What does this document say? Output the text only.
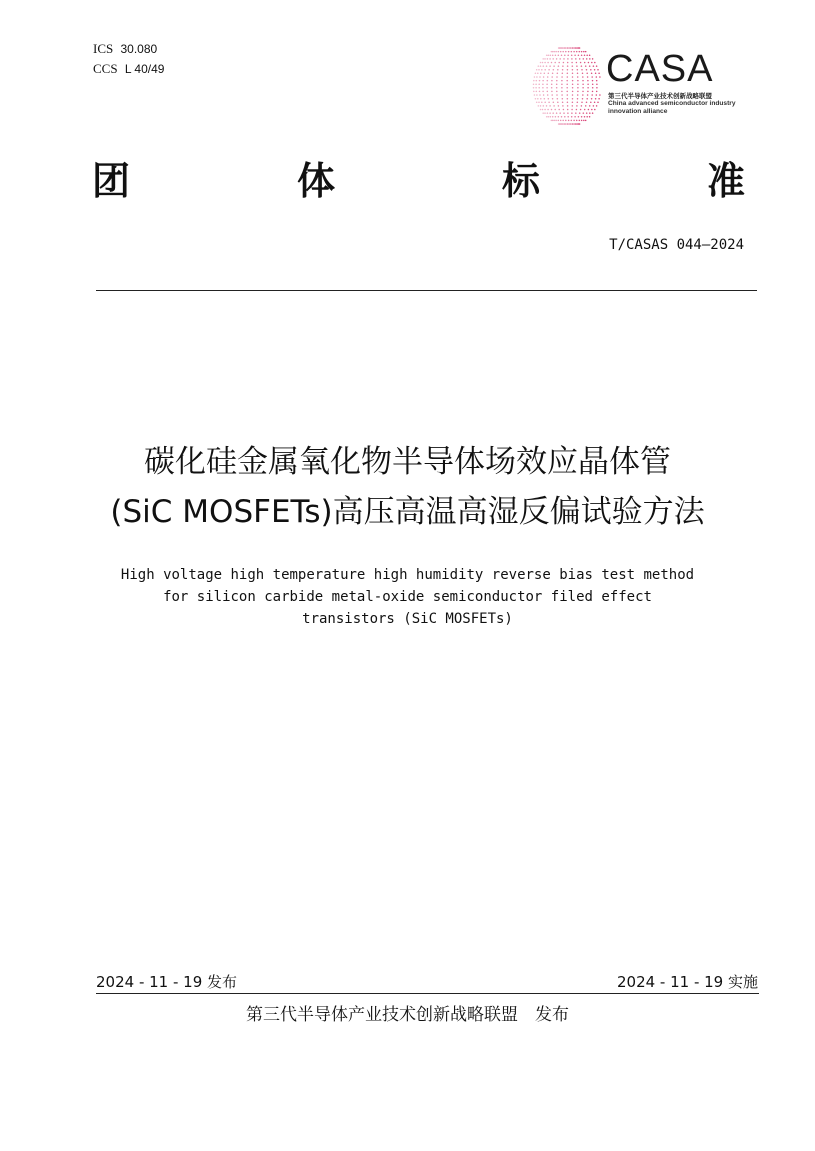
ICS 30.080
CCS L 40/49	CASA
第三代半导体产业技术创新战略联盟
China advanced semiconductor industry
innovation alliance
团	体	标	准
T/CASAS 044—2024
碳化硅金属氧化物半导体场效应晶体管
(SiC MOSFETs)高压高温高湿反偏试验方法
High voltage high temperature high humidity reverse bias test method
for silicon carbide metal-oxide semiconductor filed effect
transistors (SiC MOSFETs)
2024 - 11 - 19 发布	2024 - 11 - 19 实施
第三代半导体产业技术创新战略联盟　发布
